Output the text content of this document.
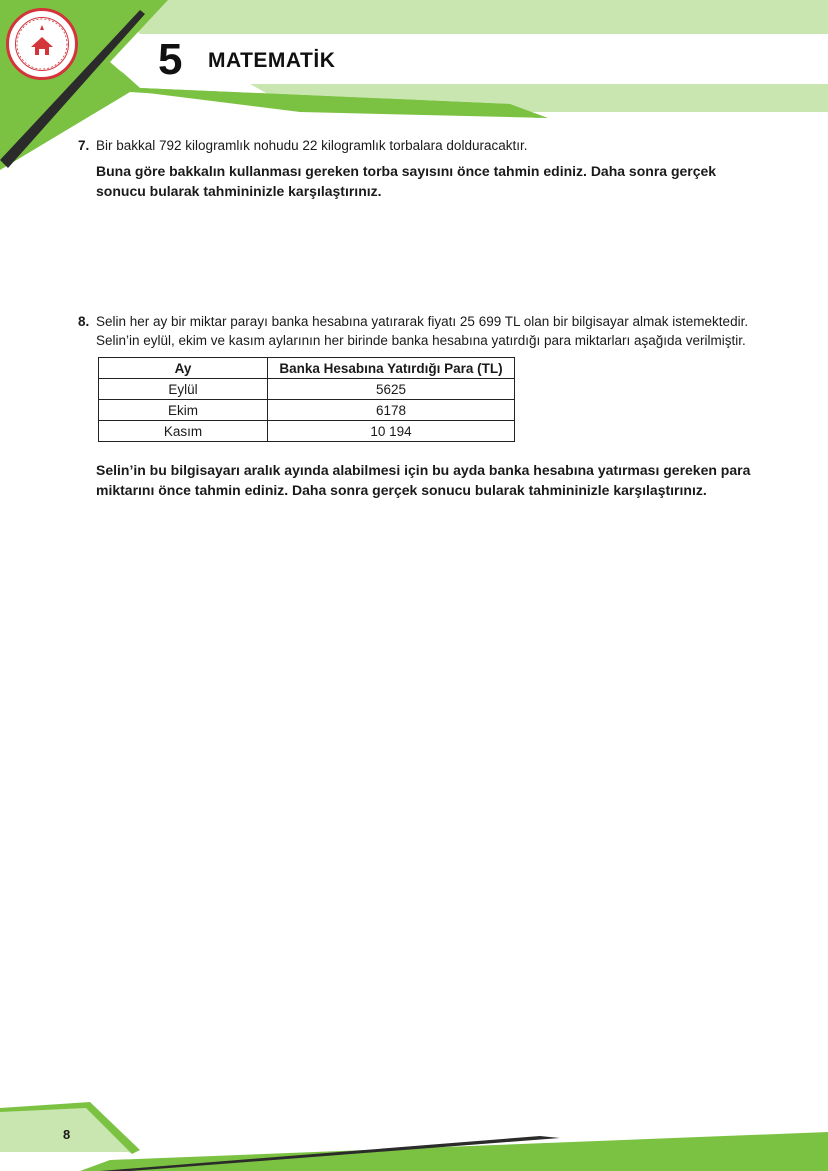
5 MATEMATİK
7. Bir bakkal 792 kilogramlık nohudu 22 kilogramlık torbalara dolduracaktır.
Buna göre bakkalın kullanması gereken torba sayısını önce tahmin ediniz. Daha sonra gerçek sonucu bularak tahmininizle karşılaştırınız.
8. Selin her ay bir miktar parayı banka hesabına yatırarak fiyatı 25 699 TL olan bir bilgisayar almak istemektedir. Selin’in eylül, ekim ve kasım aylarının her birinde banka hesabına yatırdığı para miktarları aşağıda verilmiştir.
Ay	Banka Hesabına Yatırdığı Para (TL)
Eylül	5625
Ekim	6178
Kasım	10 194
Selin’in bu bilgisayarı aralık ayında alabilmesi için bu ayda banka hesabına yatırması gereken para miktarını önce tahmin ediniz. Daha sonra gerçek sonucu bularak tahmininizle karşılaştırınız.
8
